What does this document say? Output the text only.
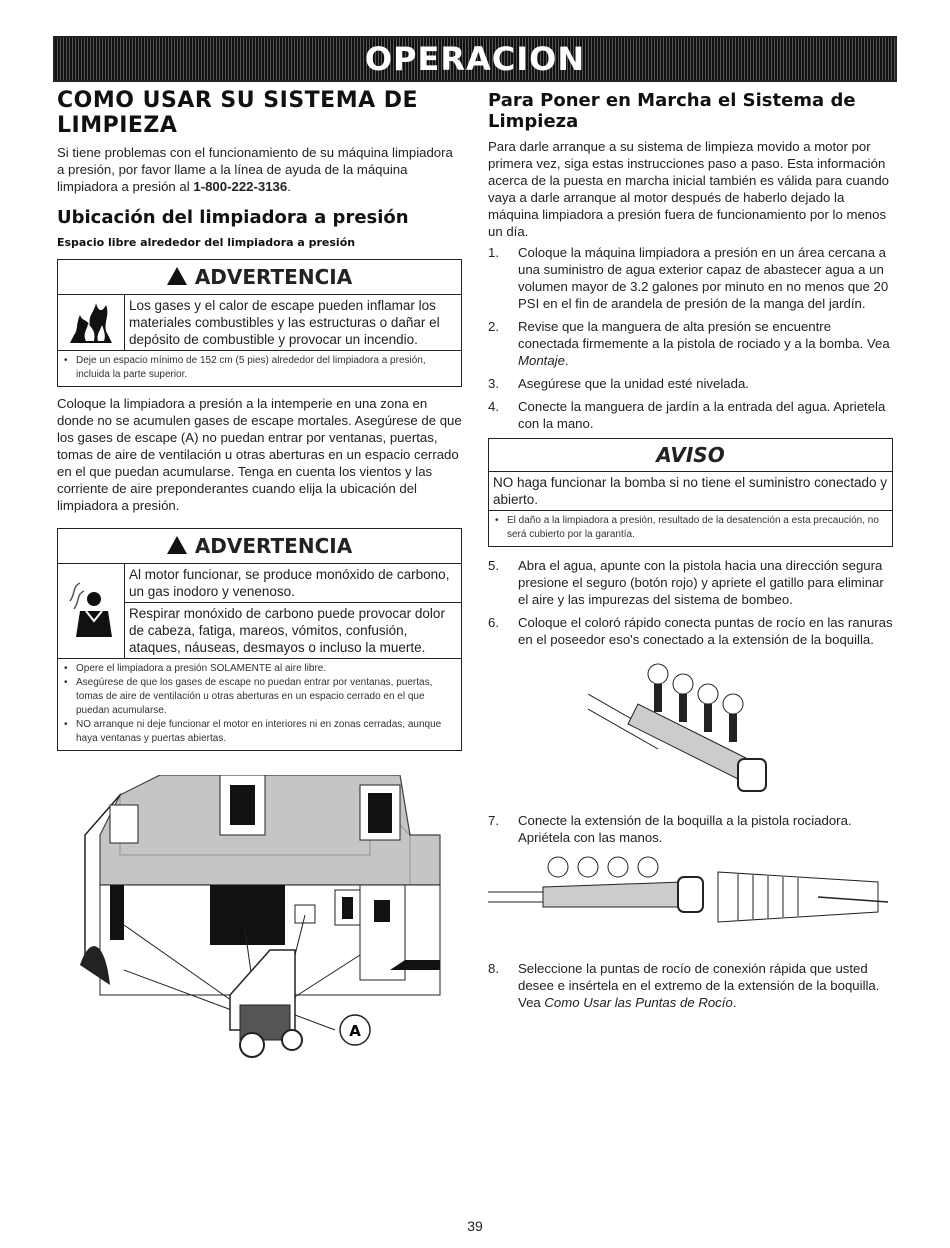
OPERACION
COMO USAR SU SISTEMA DE LIMPIEZA

Si tiene problemas con el funcionamiento de su máquina limpiadora a presión, por favor llame a la línea de ayuda de la máquina limpiadora a presión al 1-800-222-3136.

Ubicación del limpiadora a presión
Espacio libre alrededor del limpiadora a presión
ADVERTENCIA

Los gases y el calor de escape pueden inflamar los materiales combustibles y las estructuras o dañar el depósito de combustible y provocar un incendio.

• Deje un espacio mínimo de 152 cm (5 pies) alrededor del limpiadora a presión, incluida la parte superior.

Coloque la limpiadora a presión a la intemperie en una zona en donde no se acumulen gases de escape mortales. Asegúrese de que los gases de escape (A) no puedan entrar por ventanas, puertas, tomas de aire de ventilación u otras aberturas en un espacio cerrado en el que puedan acumularse. Tenga en cuenta los vientos y las corriente de aire preponderantes cuando elija la ubicación del limpiadora a presión.

ADVERTENCIA

Al motor funcionar, se produce monóxido de carbono, un gas inodoro y venenoso.

Respirar monóxido de carbono puede provocar dolor de cabeza, fatiga, mareos, vómitos, confusión, ataques, náuseas, desmayos o incluso la muerte.

• Opere el limpiadora a presión SOLAMENTE al aire libre.
• Asegúrese de que los gases de escape no puedan entrar por ventanas, puertas, tomas de aire de ventilación u otras aberturas en un espacio cerrado en el que puedan acumularse.
• NO arranque ni deje funcionar el motor en interiores ni en zonas cerradas, aunque haya ventanas y puertas abiertas.
A
Para Poner en Marcha el Sistema de Limpieza

Para darle arranque a su sistema de limpieza movido a motor por primera vez, siga estas instrucciones paso a paso. Esta información acerca de la puesta en marcha inicial también es válida para cuando vaya a darle arranque al motor después de haberlo dejado la máquina limpiadora a presión fuera de funcionamiento por lo menos un día.

1.	Coloque la máquina limpiadora a presión en un área cercana a una suministro de agua exterior capaz de abastecer agua a un volumen mayor de 3.2 galones por minuto en no menos que 20 PSI en el fin de arandela de presión de la manga del jardín.
2.	Revise que la manguera de alta presión se encuentre conectada firmemente a la pistola de rociado y a la bomba. Vea Montaje.
3.	Asegúrese que la unidad esté nivelada.
4.	Conecte la manguera de jardín a la entrada del agua. Aprietela con la mano.
AVISO
NO haga funcionar la bomba si no tiene el suministro conectado y abierto.
• El daño a la limpiadora a presión, resultado de la desatención a esta precaución, no será cubierto por la garantía.
5.	Abra el agua, apunte con la pistola hacia una dirección segura presione el seguro (botón rojo) y apriete el gatillo para eliminar el aire y las impurezas del sistema de bombeo.
6.	Coloque el coloró rápido conecta puntas de rocío en las ranuras en el poseedor eso's conectado a la extensión de la boquilla.
7.	Conecte la extensión de la boquilla a la pistola rociadora. Apriétela con las manos.
8.	Seleccione la puntas de rocío de conexión rápida que usted desee e insértela en el extremo de la extensión de la boquilla. Vea Como Usar las Puntas de Rocío.
39
